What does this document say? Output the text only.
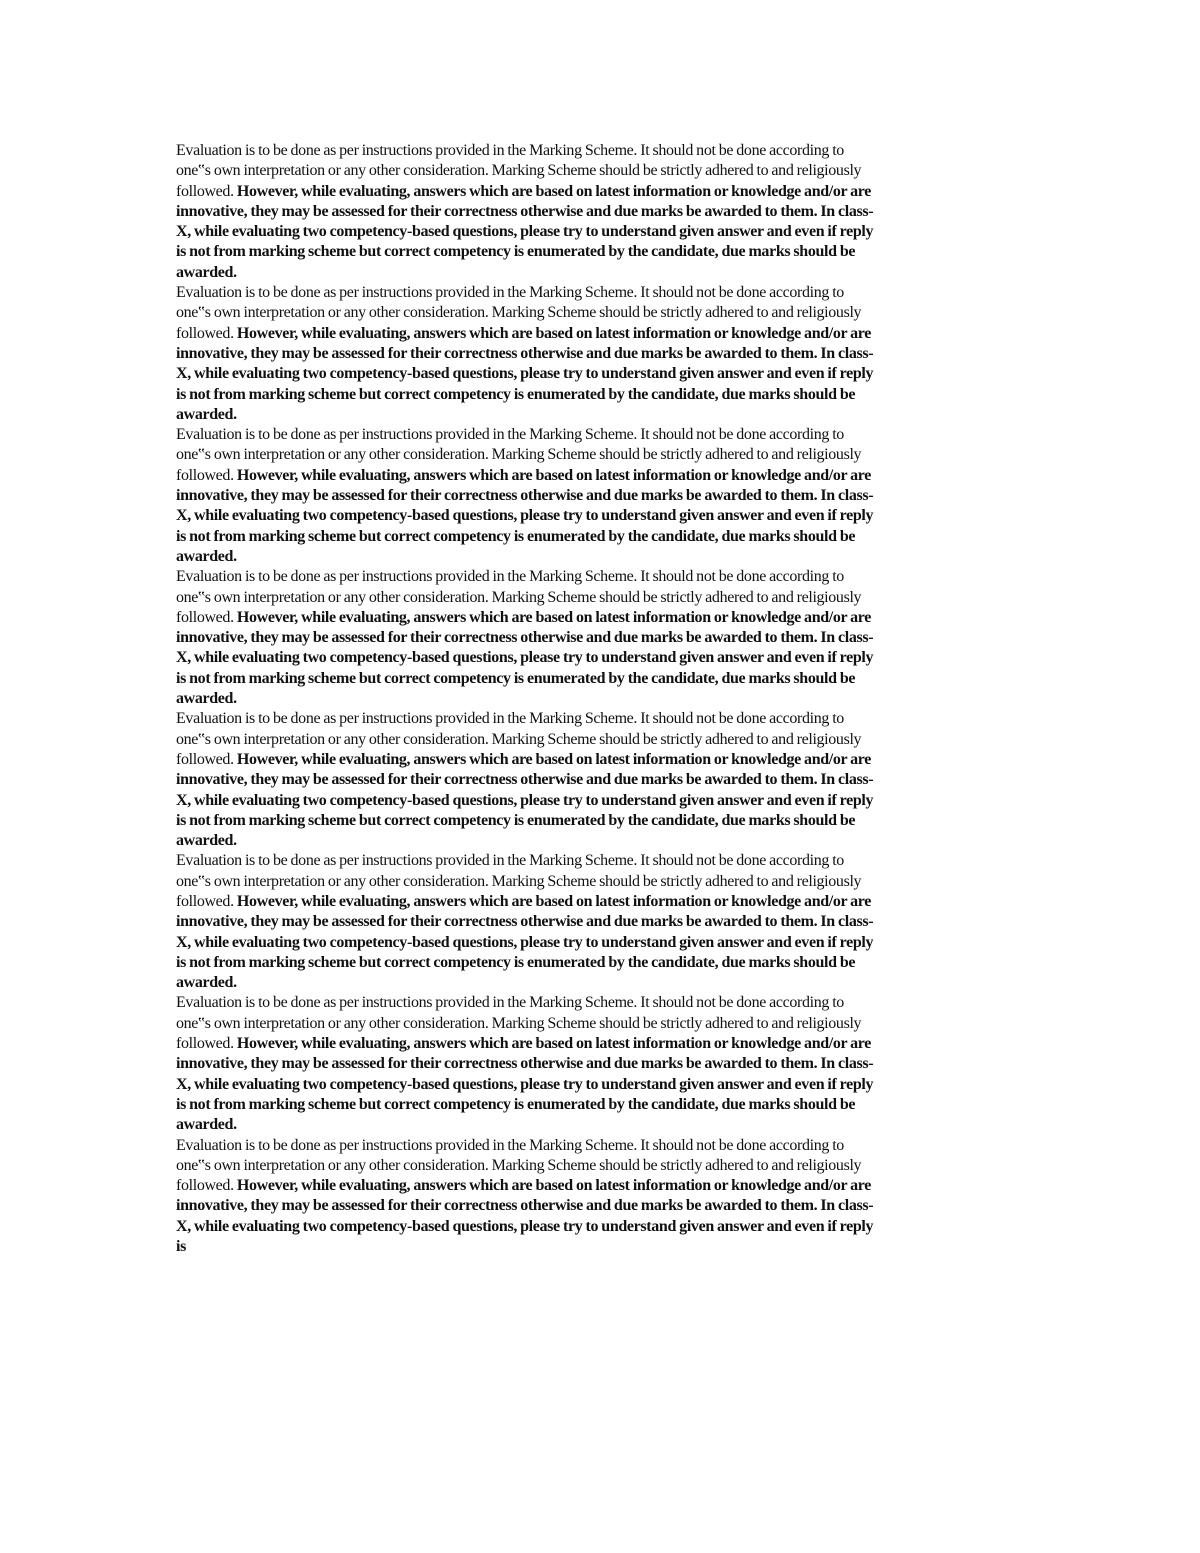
Evaluation is to be done as per instructions provided in the Marking Scheme. It should not be done according to one‟s own interpretation or any other consideration. Marking Scheme should be strictly adhered to and religiously followed. However, while evaluating, answers which are based on latest information or knowledge and/or are innovative, they may be assessed for their correctness otherwise and due marks be awarded to them. In class-X, while evaluating two competency-based questions, please try to understand given answer and even if reply is not from marking scheme but correct competency is enumerated by the candidate, due marks should be awarded.

Evaluation is to be done as per instructions provided in the Marking Scheme. It should not be done according to one‟s own interpretation or any other consideration. Marking Scheme should be strictly adhered to and religiously followed. However, while evaluating, answers which are based on latest information or knowledge and/or are innovative, they may be assessed for their correctness otherwise and due marks be awarded to them. In class-X, while evaluating two competency-based questions, please try to understand given answer and even if reply is not from marking scheme but correct competency is enumerated by the candidate, due marks should be awarded.

Evaluation is to be done as per instructions provided in the Marking Scheme. It should not be done according to one‟s own interpretation or any other consideration. Marking Scheme should be strictly adhered to and religiously followed. However, while evaluating, answers which are based on latest information or knowledge and/or are innovative, they may be assessed for their correctness otherwise and due marks be awarded to them. In class-X, while evaluating two competency-based questions, please try to understand given answer and even if reply is not from marking scheme but correct competency is enumerated by the candidate, due marks should be awarded.

Evaluation is to be done as per instructions provided in the Marking Scheme. It should not be done according to one‟s own interpretation or any other consideration. Marking Scheme should be strictly adhered to and religiously followed. However, while evaluating, answers which are based on latest information or knowledge and/or are innovative, they may be assessed for their correctness otherwise and due marks be awarded to them. In class-X, while evaluating two competency-based questions, please try to understand given answer and even if reply is not from marking scheme but correct competency is enumerated by the candidate, due marks should be awarded.

Evaluation is to be done as per instructions provided in the Marking Scheme. It should not be done according to one‟s own interpretation or any other consideration. Marking Scheme should be strictly adhered to and religiously followed. However, while evaluating, answers which are based on latest information or knowledge and/or are innovative, they may be assessed for their correctness otherwise and due marks be awarded to them. In class-X, while evaluating two competency-based questions, please try to understand given answer and even if reply is not from marking scheme but correct competency is enumerated by the candidate, due marks should be awarded.

Evaluation is to be done as per instructions provided in the Marking Scheme. It should not be done according to one‟s own interpretation or any other consideration. Marking Scheme should be strictly adhered to and religiously followed. However, while evaluating, answers which are based on latest information or knowledge and/or are innovative, they may be assessed for their correctness otherwise and due marks be awarded to them. In class-X, while evaluating two competency-based questions, please try to understand given answer and even if reply is not from marking scheme but correct competency is enumerated by the candidate, due marks should be awarded.

Evaluation is to be done as per instructions provided in the Marking Scheme. It should not be done according to one‟s own interpretation or any other consideration. Marking Scheme should be strictly adhered to and religiously followed. However, while evaluating, answers which are based on latest information or knowledge and/or are innovative, they may be assessed for their correctness otherwise and due marks be awarded to them. In class-X, while evaluating two competency-based questions, please try to understand given answer and even if reply is not from marking scheme but correct competency is enumerated by the candidate, due marks should be awarded.

Evaluation is to be done as per instructions provided in the Marking Scheme. It should not be done according to one‟s own interpretation or any other consideration. Marking Scheme should be strictly adhered to and religiously followed. However, while evaluating, answers which are based on latest information or knowledge and/or are innovative, they may be assessed for their correctness otherwise and due marks be awarded to them. In class-X, while evaluating two competency-based questions, please try to understand given answer and even if reply is
